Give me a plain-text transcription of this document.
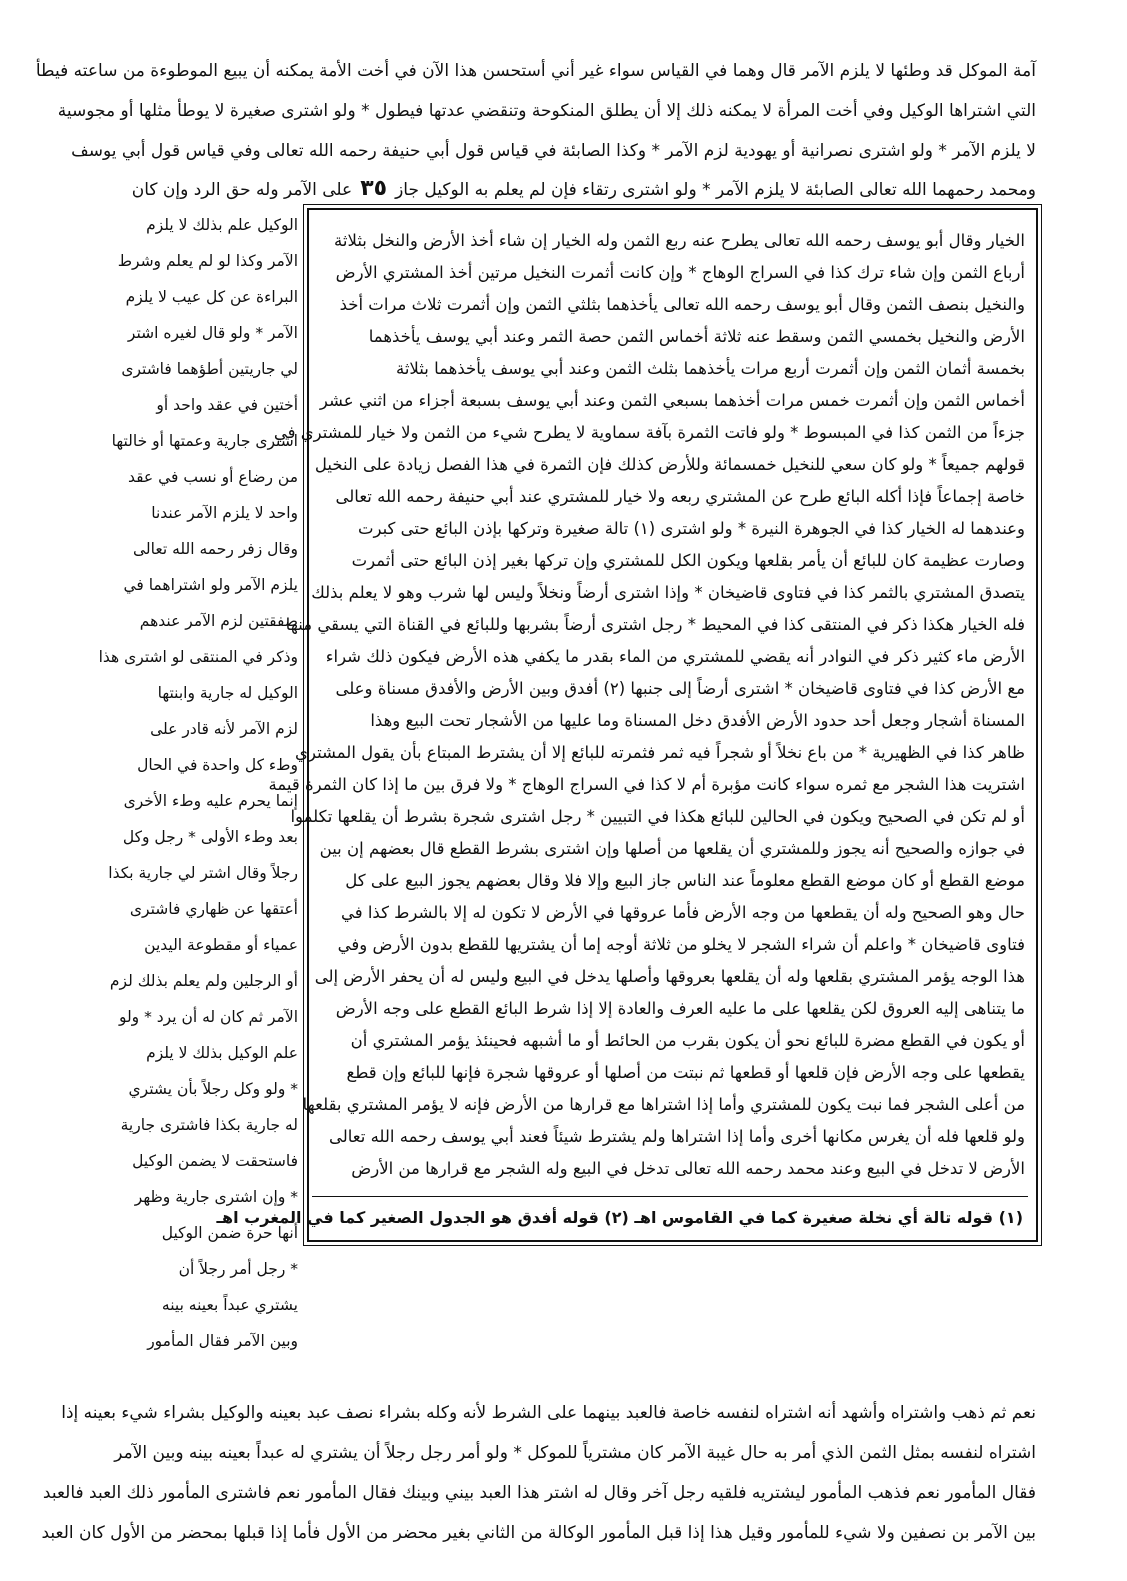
آمة الموكل قد وطئها لا يلزم الآمر قال وهما في القياس سواء غير أني أستحسن هذا الآن في أخت الأمة يمكنه أن يبيع الموطوءة من ساعته فيطأ
التي اشتراها الوكيل وفي أخت المرأة لا يمكنه ذلك إلا أن يطلق المنكوحة وتنقضي عدتها فيطول * ولو اشترى صغيرة لا يوطأ مثلها أو مجوسية
لا يلزم الآمر * ولو اشترى نصرانية أو يهودية لزم الآمر * وكذا الصابئة في قياس قول أبي حنيفة رحمه الله تعالى وفي قياس قول أبي يوسف
ومحمد رحمهما الله تعالى الصابئة لا يلزم الآمر * ولو اشترى رتقاء فإن لم يعلم به الوكيل جاز٣٥على الآمر وله حق الرد وإن كان
الخيار وقال أبو يوسف رحمه الله تعالى يطرح عنه ربع الثمن وله الخيار إن شاء أخذ الأرض والنخل بثلاثة
أرباع الثمن وإن شاء ترك كذا في السراج الوهاج * وإن كانت أثمرت النخيل مرتين أخذ المشتري الأرض
والنخيل بنصف الثمن وقال أبو يوسف رحمه الله تعالى يأخذهما بثلثي الثمن وإن أثمرت ثلاث مرات أخذ
الأرض والنخيل بخمسي الثمن وسقط عنه ثلاثة أخماس الثمن حصة الثمر وعند أبي يوسف يأخذهما
بخمسة أثمان الثمن وإن أثمرت أربع مرات يأخذهما بثلث الثمن وعند أبي يوسف يأخذهما بثلاثة
أخماس الثمن وإن أثمرت خمس مرات أخذهما بسبعي الثمن وعند أبي يوسف بسبعة أجزاء من اثني عشر
جزءاً من الثمن كذا في المبسوط * ولو فاتت الثمرة بآفة سماوية لا يطرح شيء من الثمن ولا خيار للمشتري في
قولهم جميعاً * ولو كان سعي للنخيل خمسمائة وللأرض كذلك فإن الثمرة في هذا الفصل زيادة على النخيل
خاصة إجماعاً فإذا أكله البائع طرح عن المشتري ربعه ولا خيار للمشتري عند أبي حنيفة رحمه الله تعالى
وعندهما له الخيار كذا في الجوهرة النيرة * ولو اشترى (١) تالة صغيرة وتركها بإذن البائع حتى كبرت
وصارت عظيمة كان للبائع أن يأمر بقلعها ويكون الكل للمشتري وإن تركها بغير إذن البائع حتى أثمرت
يتصدق المشتري بالثمر كذا في فتاوى قاضيخان * وإذا اشترى أرضاً ونخلاً وليس لها شرب وهو لا يعلم بذلك
فله الخيار هكذا ذكر في المنتقى كذا في المحيط * رجل اشترى أرضاً بشربها وللبائع في القناة التي يسقي منها
الأرض ماء كثير ذكر في النوادر أنه يقضي للمشتري من الماء بقدر ما يكفي هذه الأرض فيكون ذلك شراء
مع الأرض كذا في فتاوى قاضيخان * اشترى أرضاً إلى جنبها (٢) أفدق وبين الأرض والأفدق مسناة وعلى
المسناة أشجار وجعل أحد حدود الأرض الأفدق دخل المسناة وما عليها من الأشجار تحت البيع وهذا
ظاهر كذا في الظهيرية * من باع نخلاً أو شجراً فيه ثمر فثمرته للبائع إلا أن يشترط المبتاع بأن يقول المشتري
اشتريت هذا الشجر مع ثمره سواء كانت مؤبرة أم لا كذا في السراج الوهاج * ولا فرق بين ما إذا كان الثمرة قيمة
أو لم تكن في الصحيح ويكون في الحالين للبائع هكذا في التبيين * رجل اشترى شجرة بشرط أن يقلعها تكلموا
في جوازه والصحيح أنه يجوز وللمشتري أن يقلعها من أصلها وإن اشترى بشرط القطع قال بعضهم إن بين
موضع القطع أو كان موضع القطع معلوماً عند الناس جاز البيع وإلا فلا وقال بعضهم يجوز البيع على كل
حال وهو الصحيح وله أن يقطعها من وجه الأرض فأما عروقها في الأرض لا تكون له إلا بالشرط كذا في
فتاوى قاضيخان * واعلم أن شراء الشجر لا يخلو من ثلاثة أوجه إما أن يشتريها للقطع بدون الأرض وفي
هذا الوجه يؤمر المشتري بقلعها وله أن يقلعها بعروقها وأصلها يدخل في البيع وليس له أن يحفر الأرض إلى
ما يتناهى إليه العروق لكن يقلعها على ما عليه العرف والعادة إلا إذا شرط البائع القطع على وجه الأرض
أو يكون في القطع مضرة للبائع نحو أن يكون بقرب من الحائط أو ما أشبهه فحينئذ يؤمر المشتري أن
يقطعها على وجه الأرض فإن قلعها أو قطعها ثم نبتت من أصلها أو عروقها شجرة فإنها للبائع وإن قطع
من أعلى الشجر فما نبت يكون للمشتري وأما إذا اشتراها مع قرارها من الأرض فإنه لا يؤمر المشتري بقلعها
ولو قلعها فله أن يغرس مكانها أخرى وأما إذا اشتراها ولم يشترط شيئاً فعند أبي يوسف رحمه الله تعالى
الأرض لا تدخل في البيع وعند محمد رحمه الله تعالى تدخل في البيع وله الشجر مع قرارها من الأرض
(١) قوله تالة أي نخلة صغيرة كما في القاموس اهـ (٢) قوله أفدق هو الجدول الصغير كما في المغرب اهـ
الوكيل علم بذلك لا يلزم
الآمر وكذا لو لم يعلم وشرط
البراءة عن كل عيب لا يلزم
الآمر * ولو قال لغيره اشتر
لي جاريتين أطؤهما فاشترى
أختين في عقد واحد أو
اشترى جارية وعمتها أو خالتها
من رضاع أو نسب في عقد
واحد لا يلزم الآمر عندنا
وقال زفر رحمه الله تعالى
يلزم الآمر ولو اشتراهما في
صفقتين لزم الآمر عندهم
وذكر في المنتقى لو اشترى هذا
الوكيل له جارية وابنتها
لزم الآمر لأنه قادر على
وطء كل واحدة في الحال
إنما يحرم عليه وطء الأخرى
بعد وطء الأولى * رجل وكل
رجلاً وقال اشتر لي جارية بكذا
أعتقها عن ظهاري فاشترى
عمياء أو مقطوعة اليدين
أو الرجلين ولم يعلم بذلك لزم
الآمر ثم كان له أن يرد * ولو
علم الوكيل بذلك لا يلزم
* ولو وكل رجلاً بأن يشتري
له جارية بكذا فاشترى جارية
فاستحقت لا يضمن الوكيل
* وإن اشترى جارية وظهر
أنها حرة ضمن الوكيل
* رجل أمر رجلاً أن
يشتري عبداً بعينه بينه
وبين الآمر فقال المأمور
نعم ثم ذهب واشتراه وأشهد أنه اشتراه لنفسه خاصة فالعبد بينهما على الشرط لأنه وكله بشراء نصف عبد بعينه والوكيل بشراء شيء بعينه إذا
اشتراه لنفسه بمثل الثمن الذي أمر به حال غيبة الآمر كان مشترياً للموكل * ولو أمر رجل رجلاً أن يشتري له عبداً بعينه بينه وبين الآمر
فقال المأمور نعم فذهب المأمور ليشتريه فلقيه رجل آخر وقال له اشتر هذا العبد بيني وبينك فقال المأمور نعم فاشترى المأمور ذلك العبد فالعبد
بين الآمر بن نصفين ولا شيء للمأمور وقيل هذا إذا قبل المأمور الوكالة من الثاني بغير محضر من الأول فأما إذا قبلها بمحضر من الأول كان العبد
